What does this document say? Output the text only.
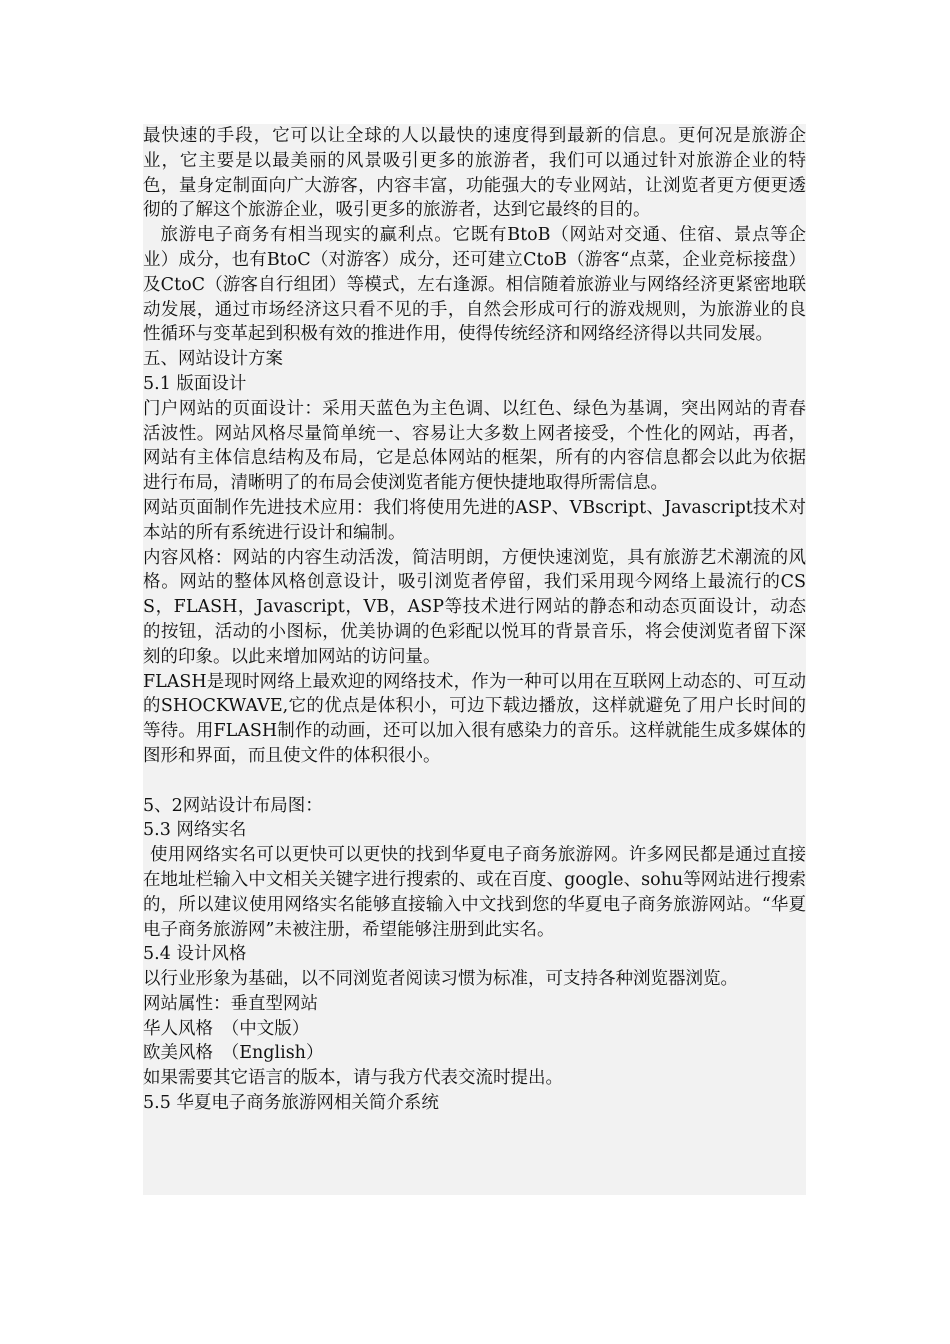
最快速的手段，它可以让全球的人以最快的速度得到最新的信息。更何况是旅游企业，它主要是以最美丽的风景吸引更多的旅游者，我们可以通过针对旅游企业的特色，量身定制面向广大游客，内容丰富，功能强大的专业网站，让浏览者更方便更透彻的了解这个旅游企业，吸引更多的旅游者，达到它最终的目的。

旅游电子商务有相当现实的赢利点。它既有BtoB（网站对交通、住宿、景点等企业）成分，也有BtoC（对游客）成分，还可建立CtoB（游客“点菜，企业竞标接盘）及CtoC（游客自行组团）等模式，左右逢源。相信随着旅游业与网络经济更紧密地联动发展，通过市场经济这只看不见的手，自然会形成可行的游戏规则，为旅游业的良性循环与变革起到积极有效的推进作用，使得传统经济和网络经济得以共同发展。

五、网站设计方案

5.1 版面设计

门户网站的页面设计：采用天蓝色为主色调、以红色、绿色为基调，突出网站的青春活波性。网站风格尽量简单统一、容易让大多数上网者接受，个性化的网站，再者，网站有主体信息结构及布局，它是总体网站的框架，所有的内容信息都会以此为依据进行布局，清晰明了的布局会使浏览者能方便快捷地取得所需信息。

网站页面制作先进技术应用：我们将使用先进的ASP、VBscript、Javascript技术对本站的所有系统进行设计和编制。

内容风格：网站的内容生动活泼，简洁明朗，方便快速浏览，具有旅游艺术潮流的风格。网站的整体风格创意设计，吸引浏览者停留，我们采用现今网络上最流行的CSS，FLASH，Javascript，VB，ASP等技术进行网站的静态和动态页面设计，动态的按钮，活动的小图标，优美协调的色彩配以悦耳的背景音乐，将会使浏览者留下深刻的印象。以此来增加网站的访问量。

FLASH是现时网络上最欢迎的网络技术，作为一种可以用在互联网上动态的、可互动的SHOCKWAVE,它的优点是体积小，可边下载边播放，这样就避免了用户长时间的等待。用FLASH制作的动画，还可以加入很有感染力的音乐。这样就能生成多媒体的图形和界面，而且使文件的体积很小。

5、2网站设计布局图：

5.3 网络实名

使用网络实名可以更快可以更快的找到华夏电子商务旅游网。许多网民都是通过直接在地址栏输入中文相关关键字进行搜索的、或在百度、google、sohu等网站进行搜索的，所以建议使用网络实名能够直接输入中文找到您的华夏电子商务旅游网站。“华夏电子商务旅游网”未被注册，希望能够注册到此实名。

5.4 设计风格

以行业形象为基础，以不同浏览者阅读习惯为标准，可支持各种浏览器浏览。

网站属性：垂直型网站

华人风格　（中文版）

欧美风格　（English）

如果需要其它语言的版本，请与我方代表交流时提出。

5.5 华夏电子商务旅游网相关简介系统
